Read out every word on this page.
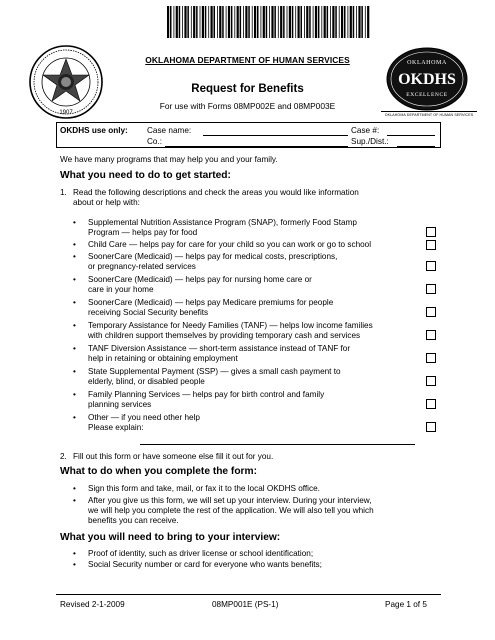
OKLAHOMA DEPARTMENT OF HUMAN SERVICES
1907
OKLAHOMA
OKDHS
EXCELLENCE
OKLAHOMA DEPARTMENT OF HUMAN SERVICES
Request for Benefits
For use with Forms 08MP002E and 08MP003E
OKDHS use only: Case name:	Case #:
Co.:	Sup./Dist.:
We have many programs that may help you and your family.
What you need to do to get started:
1. Read the following descriptions and check the areas you would like information
about or help with:
• Supplemental Nutrition Assistance Program (SNAP), formerly Food Stamp
Program — helps pay for food
• Child Care — helps pay for care for your child so you can work or go to school
• SoonerCare (Medicaid) — helps pay for medical costs, prescriptions,
or pregnancy-related services
• SoonerCare (Medicaid) — helps pay for nursing home care or
care in your home
• SoonerCare (Medicaid) — helps pay Medicare premiums for people
receiving Social Security benefits
• Temporary Assistance for Needy Families (TANF) — helps low income families
with children support themselves by providing temporary cash and services
• TANF Diversion Assistance — short-term assistance instead of TANF for
help in retaining or obtaining employment
• State Supplemental Payment (SSP) — gives a small cash payment to
elderly, blind, or disabled people
• Family Planning Services — helps pay for birth control and family
planning services
• Other — if you need other help
Please explain:
2. Fill out this form or have someone else fill it out for you.
What to do when you complete the form:
• Sign this form and take, mail, or fax it to the local OKDHS office.
• After you give us this form, we will set up your interview. During your interview,
we will help you complete the rest of the application. We will also tell you which
benefits you can receive.
What you will need to bring to your interview:
• Proof of identity, such as driver license or school identification;
• Social Security number or card for everyone who wants benefits;
Revised 2-1-2009	08MP001E (PS-1)	Page 1 of 5
